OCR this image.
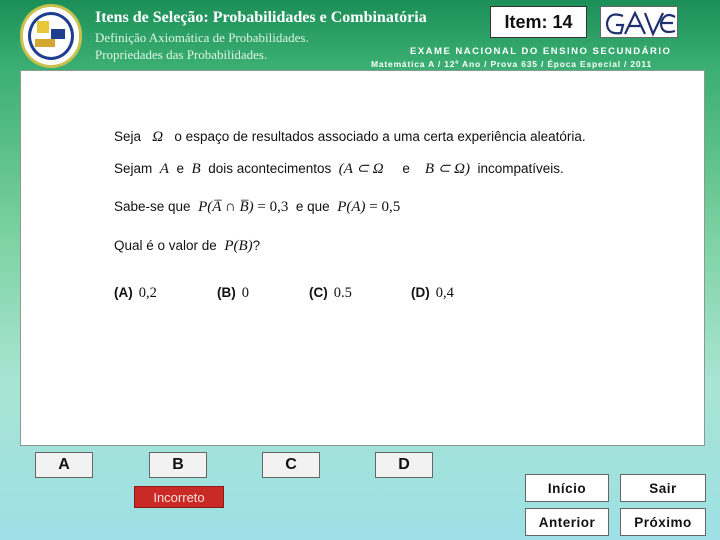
Itens de Seleção: Probabilidades e Combinatória
Definição Axiomática de Probabilidades.
Propriedades das Probabilidades.
Item: 14
EXAME NACIONAL DO ENSINO SECUNDÁRIO
Matemática A / 12º Ano / Prova 635 / Época Especial / 2011
Seja Ω o espaço de resultados associado a uma certa experiência aleatória.
Sejam A e B dois acontecimentos (A ⊂ Ω e B ⊂ Ω) incompatíveis.
Sabe-se que P(A̅ ∩ B̅) = 0,3 e que P(A) = 0,5
Qual é o valor de P(B)?
(A) 0,2	(B) 0	(C) 0.5	(D) 0,4
A	B	C	D
Incorreto
Início	Sair
Anterior	Próximo
